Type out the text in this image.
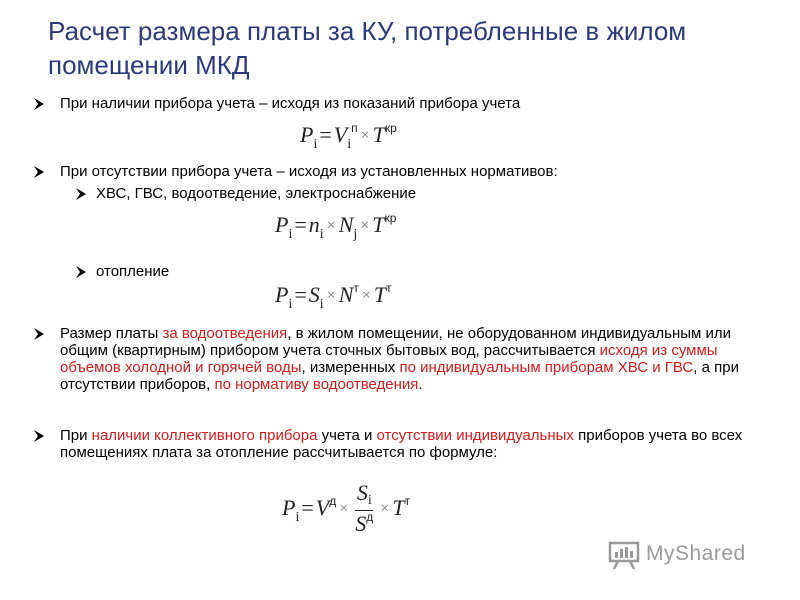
Расчет размера платы за КУ, потребленные в жилом помещении МКД
При наличии прибора учета – исходя из показаний прибора учета
$P_i=V_i^п \times T^{кр}$
При отсутствии прибора учета – исходя из установленных нормативов:
ХВС, ГВС, водоотведение, электроснабжение
$P_i=n_i\times N_j\times T^{кр}$
отопление
$P_i=S_i\times N^т \times T^т$
Размер платы за водоотведения, в жилом помещении, не оборудованном индивидуальным или общим (квартирным) прибором учета сточных бытовых вод, рассчитывается исходя из суммы объемов холодной и горячей воды, измеренных по индивидуальным приборам ХВС и ГВС, а при отсутствии приборов, по нормативу водоотведения.
При наличии коллективного прибора учета и отсутствии индивидуальных приборов учета во всех помещениях плата за отопление рассчитывается по формуле:
$P_i=V^д \times \frac{Si}{S^д} \times T^т$
MyShared
